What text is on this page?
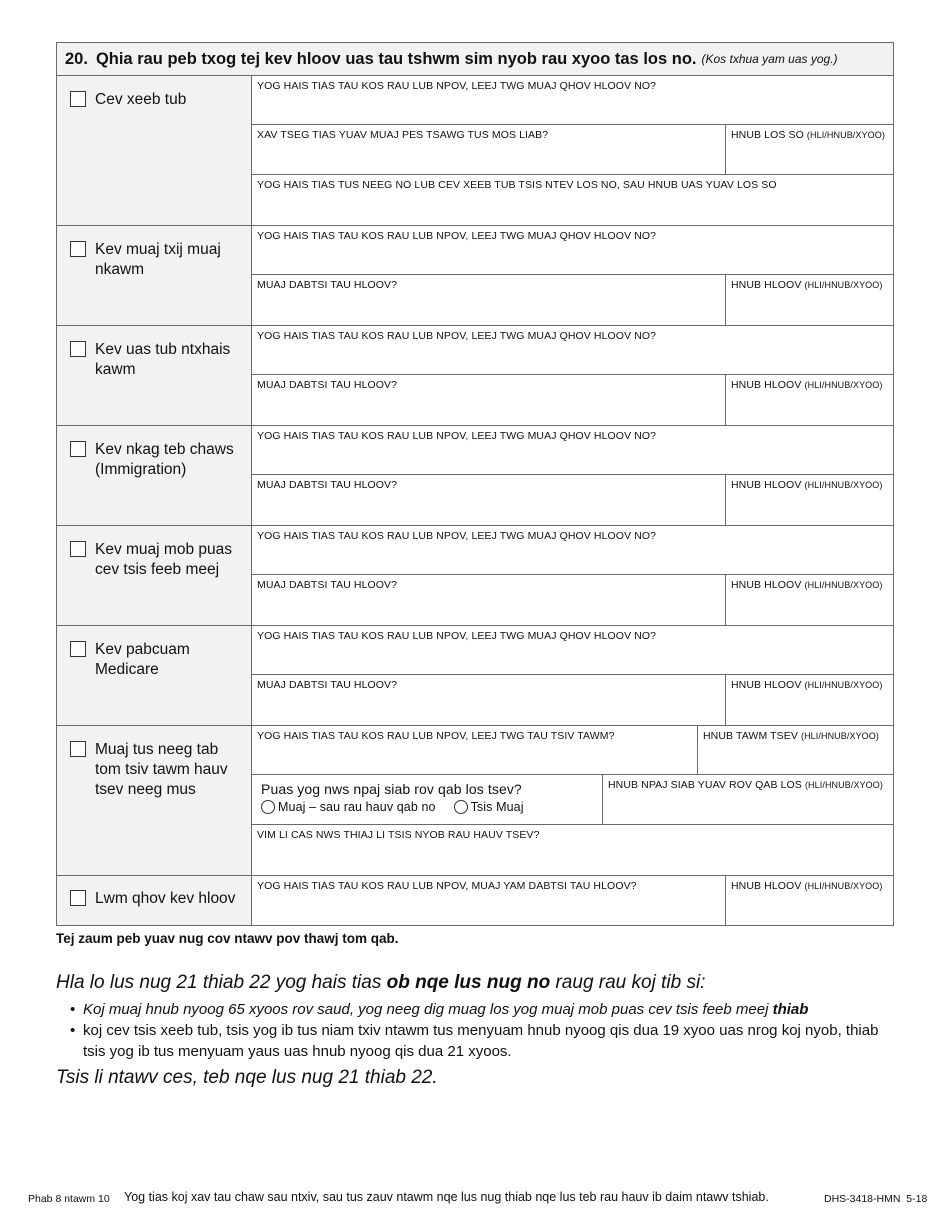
20. Qhia rau peb txog tej kev hloov uas tau tshwm sim nyob rau xyoo tas los no. (Kos txhua yam uas yog.)
Cev xeeb tub
YOG HAIS TIAS TAU KOS RAU LUB NPOV, LEEJ TWG MUAJ QHOV HLOOV NO?
XAV TSEG TIAS YUAV MUAJ PES TSAWG TUS MOS LIAB?	HNUB LOS SO (HLI/HNUB/XYOO)
YOG HAIS TIAS TUS NEEG NO LUB CEV XEEB TUB TSIS NTEV LOS NO, SAU HNUB UAS YUAV LOS SO
Kev muaj txij muaj nkawm
YOG HAIS TIAS TAU KOS RAU LUB NPOV, LEEJ TWG MUAJ QHOV HLOOV NO?
MUAJ DABTSI TAU HLOOV?	HNUB HLOOV (HLI/HNUB/XYOO)
Kev uas tub ntxhais kawm
YOG HAIS TIAS TAU KOS RAU LUB NPOV, LEEJ TWG MUAJ QHOV HLOOV NO?
MUAJ DABTSI TAU HLOOV?	HNUB HLOOV (HLI/HNUB/XYOO)
Kev nkag teb chaws (Immigration)
YOG HAIS TIAS TAU KOS RAU LUB NPOV, LEEJ TWG MUAJ QHOV HLOOV NO?
MUAJ DABTSI TAU HLOOV?	HNUB HLOOV (HLI/HNUB/XYOO)
Kev muaj mob puas cev tsis feeb meej
YOG HAIS TIAS TAU KOS RAU LUB NPOV, LEEJ TWG MUAJ QHOV HLOOV NO?
MUAJ DABTSI TAU HLOOV?	HNUB HLOOV (HLI/HNUB/XYOO)
Kev pabcuam Medicare
YOG HAIS TIAS TAU KOS RAU LUB NPOV, LEEJ TWG MUAJ QHOV HLOOV NO?
MUAJ DABTSI TAU HLOOV?	HNUB HLOOV (HLI/HNUB/XYOO)
Muaj tus neeg tab tom tsiv tawm hauv tsev neeg mus
YOG HAIS TIAS TAU KOS RAU LUB NPOV, LEEJ TWG TAU TSIV TAWM?	HNUB TAWM TSEV (HLI/HNUB/XYOO)
Puas yog nws npaj siab rov qab los tsev?
Muaj – sau rau hauv qab no	Tsis Muaj
HNUB NPAJ SIAB YUAV ROV QAB LOS (HLI/HNUB/XYOO)
VIM LI CAS NWS THIAJ LI TSIS NYOB RAU HAUV TSEV?
Lwm qhov kev hloov
YOG HAIS TIAS TAU KOS RAU LUB NPOV, MUAJ YAM DABTSI TAU HLOOV?	HNUB HLOOV (HLI/HNUB/XYOO)
Tej zaum peb yuav nug cov ntawv pov thawj tom qab.
Hla lo lus nug 21 thiab 22 yog hais tias ob nqe lus nug no raug rau koj tib si:
• Koj muaj hnub nyoog 65 xyoos rov saud, yog neeg dig muag los yog muaj mob puas cev tsis feeb meej thiab
• koj cev tsis xeeb tub, tsis yog ib tus niam txiv ntawm tus menyuam hnub nyoog qis dua 19 xyoo uas nrog koj nyob, thiab tsis yog ib tus menyuam yaus uas hnub nyoog qis dua 21 xyoos.
Tsis li ntawv ces, teb nqe lus nug 21 thiab 22.
Phab 8 ntawm 10 Yog tias koj xav tau chaw sau ntxiv, sau tus zauv ntawm nqe lus nug thiab nqe lus teb rau hauv ib daim ntawv tshiab.	DHS-3418-HMN 5-18
